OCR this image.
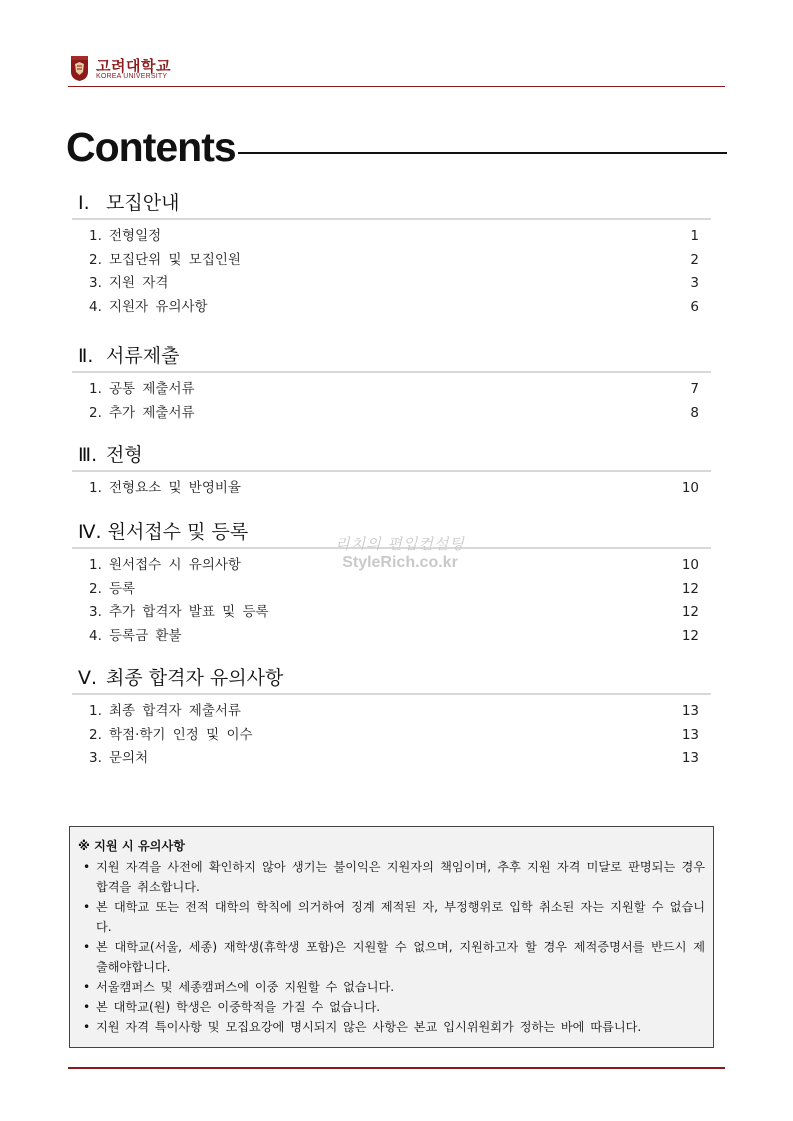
고려대학교
KOREA UNIVERSITY
Contents
Ⅰ. 모집안내
1. 전형일정	1
2. 모집단위 및 모집인원	2
3. 지원 자격	3
4. 지원자 유의사항	6
Ⅱ. 서류제출
1. 공통 제출서류	7
2. 추가 제출서류	8
Ⅲ. 전형
1. 전형요소 및 반영비율	10
Ⅳ. 원서접수 및 등록
1. 원서접수 시 유의사항	10
2. 등록	12
3. 추가 합격자 발표 및 등록	12
4. 등록금 환불	12
Ⅴ. 최종 합격자 유의사항
1. 최종 합격자 제출서류	13
2. 학점·학기 인정 및 이수	13
3. 문의처	13
리치의 편입컨설팅
StyleRich.co.kr
※ 지원 시 유의사항
• 지원 자격을 사전에 확인하지 않아 생기는 불이익은 지원자의 책임이며, 추후 지원 자격 미달로 판명되는 경우 합격을 취소합니다.
• 본 대학교 또는 전적 대학의 학칙에 의거하여 징계 제적된 자, 부정행위로 입학 취소된 자는 지원할 수 없습니다.
• 본 대학교(서울, 세종) 재학생(휴학생 포함)은 지원할 수 없으며, 지원하고자 할 경우 제적증명서를 반드시 제출해야합니다.
• 서울캠퍼스 및 세종캠퍼스에 이중 지원할 수 없습니다.
• 본 대학교(원) 학생은 이중학적을 가질 수 없습니다.
• 지원 자격 특이사항 및 모집요강에 명시되지 않은 사항은 본교 입시위원회가 정하는 바에 따릅니다.
